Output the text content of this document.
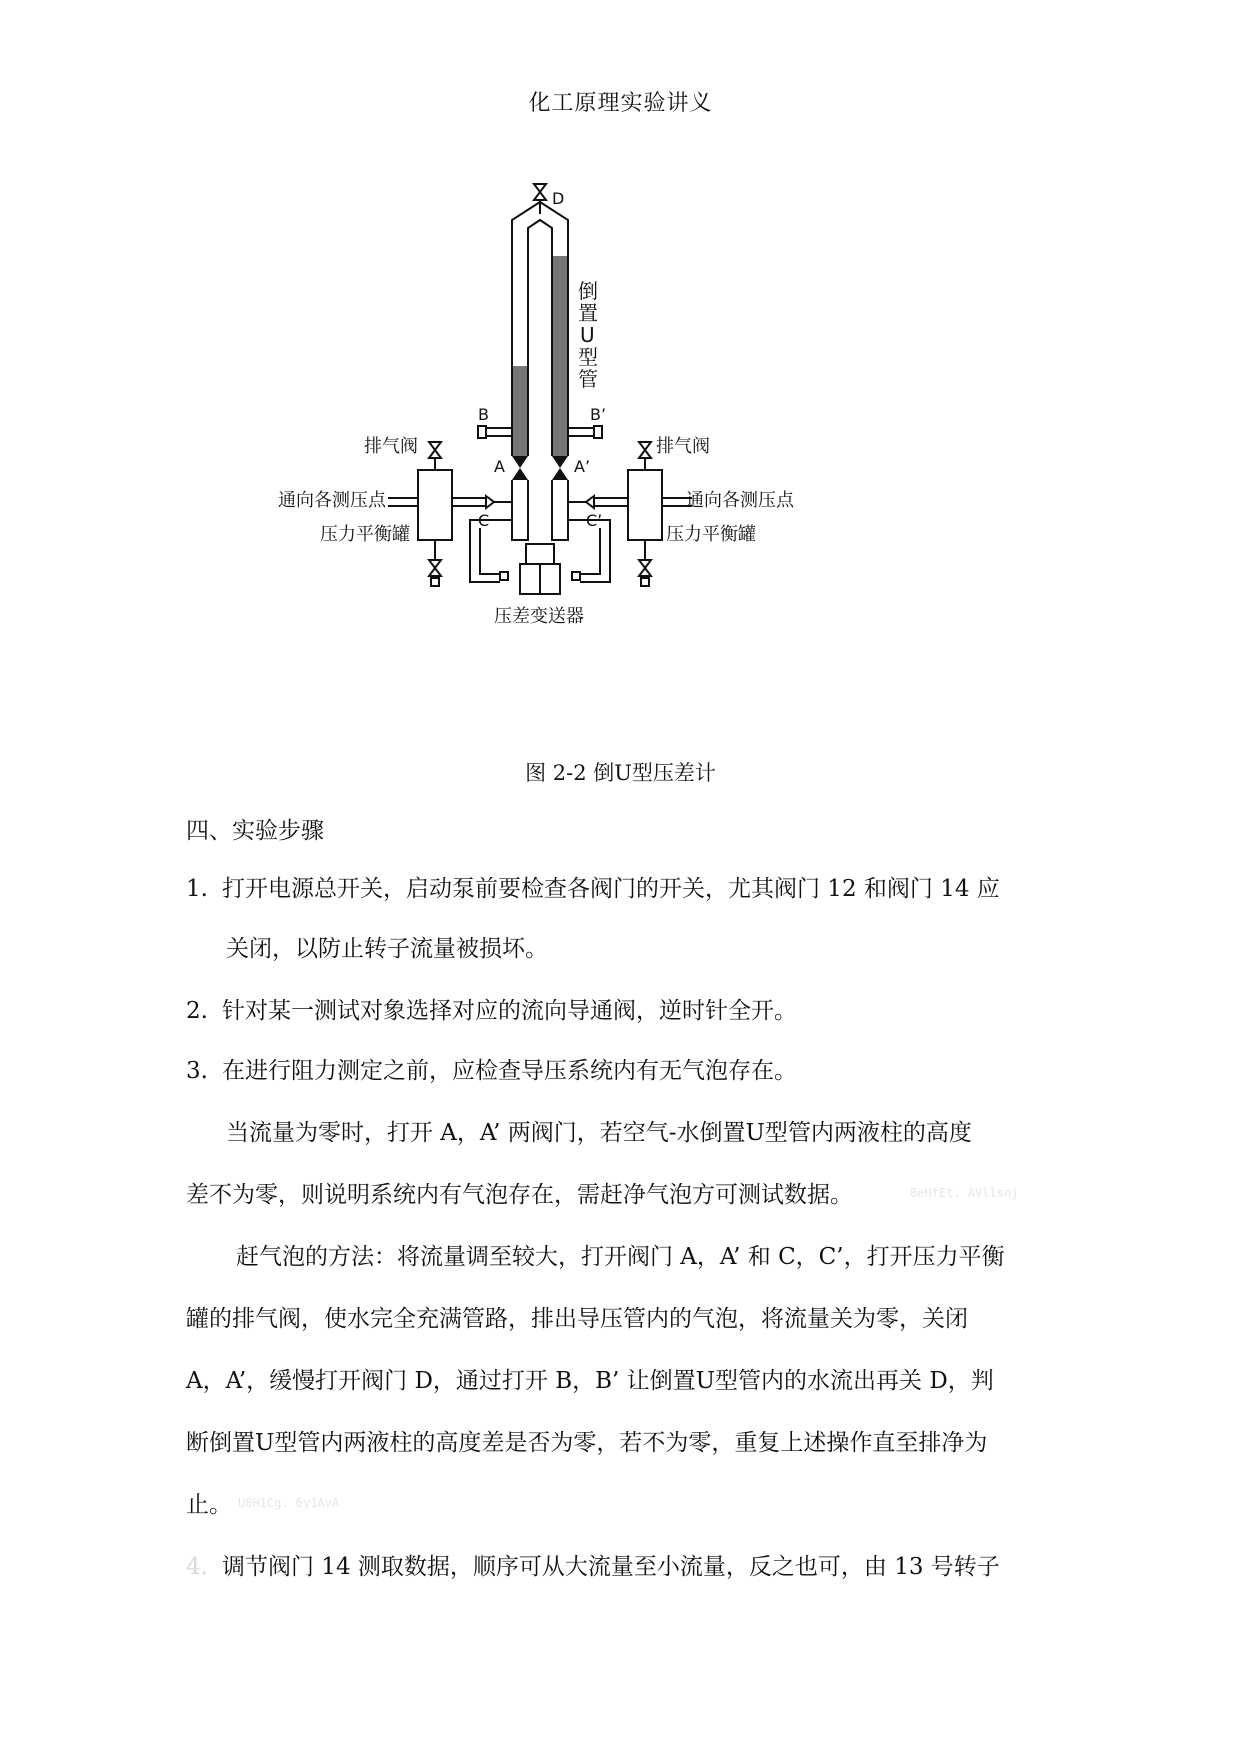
化工原理实验讲义
D
B	B’
A	A’
C	C’
倒
置
U
型
管
排气阀	排气阀
通向各测压点	通向各测压点
压力平衡罐	压力平衡罐
压差变送器
图 2-2 倒U型压差计
四、实验步骤
1. 打开电源总开关，启动泵前要检查各阀门的开关，尤其阀门 12 和阀门 14 应
关闭，以防止转子流量被损坏。
2. 针对某一测试对象选择对应的流向导通阀，逆时针全开。
3. 在进行阻力测定之前，应检查导压系统内有无气泡存在。
当流量为零时，打开 A，A’ 两阀门，若空气-水倒置U型管内两液柱的高度
差不为零，则说明系统内有气泡存在，需赶净气泡方可测试数据。	8eHfEt. AVllsnj
赶气泡的方法：将流量调至较大，打开阀门 A，A’ 和 C，C’，打开压力平衡
罐的排气阀，使水完全充满管路，排出导压管内的气泡，将流量关为零，关闭
A，A’，缓慢打开阀门 D，通过打开 B，B’ 让倒置U型管内的水流出再关 D，判
断倒置U型管内两液柱的高度差是否为零，若不为零，重复上述操作直至排净为
止。 U8H1Cg. 6y1AvA
4. 调节阀门 14 测取数据，顺序可从大流量至小流量，反之也可，由 13 号转子
